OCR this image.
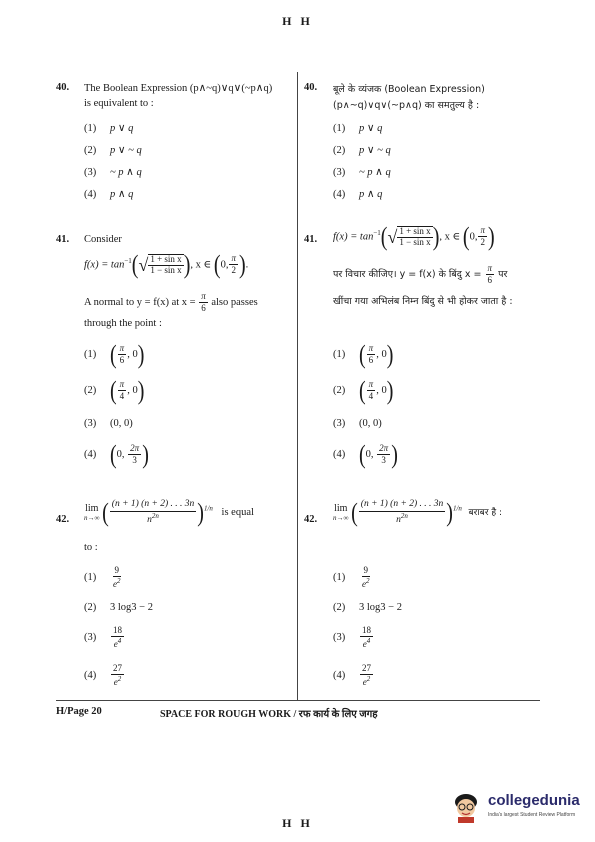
H H
40. The Boolean Expression (p∧~q)∨q∨(~p∧q)
is equivalent to :
(1) p ∨ q
(2) p ∨ ~ q
(3) ~ p ∧ q
(4) p ∧ q
41. Consider
$f(x) = \tan^{-1}$( √ 1 + sin x
1 − sin x ), x ∈ (0, $\frac{\pi}{2}$ ).
A normal to y = f(x) at $x = \frac{\pi}{6}$ also passes
through the point :
(1) ( $\frac{\pi}{6}$ , 0)
(2) ( $\frac{\pi}{4}$ , 0)
(3) (0, 0)
(4) (0, $\frac{2\pi}{3}$ )
42.
lim
n→∞ ( $\frac{(n + 1) (n + 2) . . . 3n}{n^{2n}} )^{1/n}$ is equal
to :
$(1) \frac{9}{e^2}$
(2) 3 log3 − 2
$(3) \frac{18}{e^4}$
$(4) \frac{27}{e^2}$
40. बूले के व्यंजक (Boolean Expression)
(p∧~q)∨q∨(~p∧q) का समतुल्य है :
(1) p ∨ q
(2) p ∨ ~ q
(3) ~ p ∧ q
(4) p ∧ q
41. $f(x) = \tan^{-1}$( √ 1 + sin x
1 − sin x ), x ∈ (0, $\frac{\pi}{2}$ )
पर विचार कीजिए। y = f(x) के बिंदु $x = \frac{\pi}{6}$ पर
खींचा गया अभिलंब निम्न बिंदु से भी होकर जाता है :
(1) ( $\frac{\pi}{6}$ , 0)
(2) ( $\frac{\pi}{4}$ , 0)
(3) (0, 0)
(4) (0, $\frac{2\pi}{3}$ )
42.
lim
n→∞ ( $\frac{(n + 1) (n + 2) . . . 3n}{n^{2n}} )^{1/n}$ बराबर है :
$(1) \frac{9}{e^2}$
(2) 3 log3 − 2
$(3) \frac{18}{e^4}$
$(4) \frac{27}{e^2}$
H/Page 20	SPACE FOR ROUGH WORK / रफ कार्य के लिए जगह
collegedunia
India's largest Student Review Platform
H H
